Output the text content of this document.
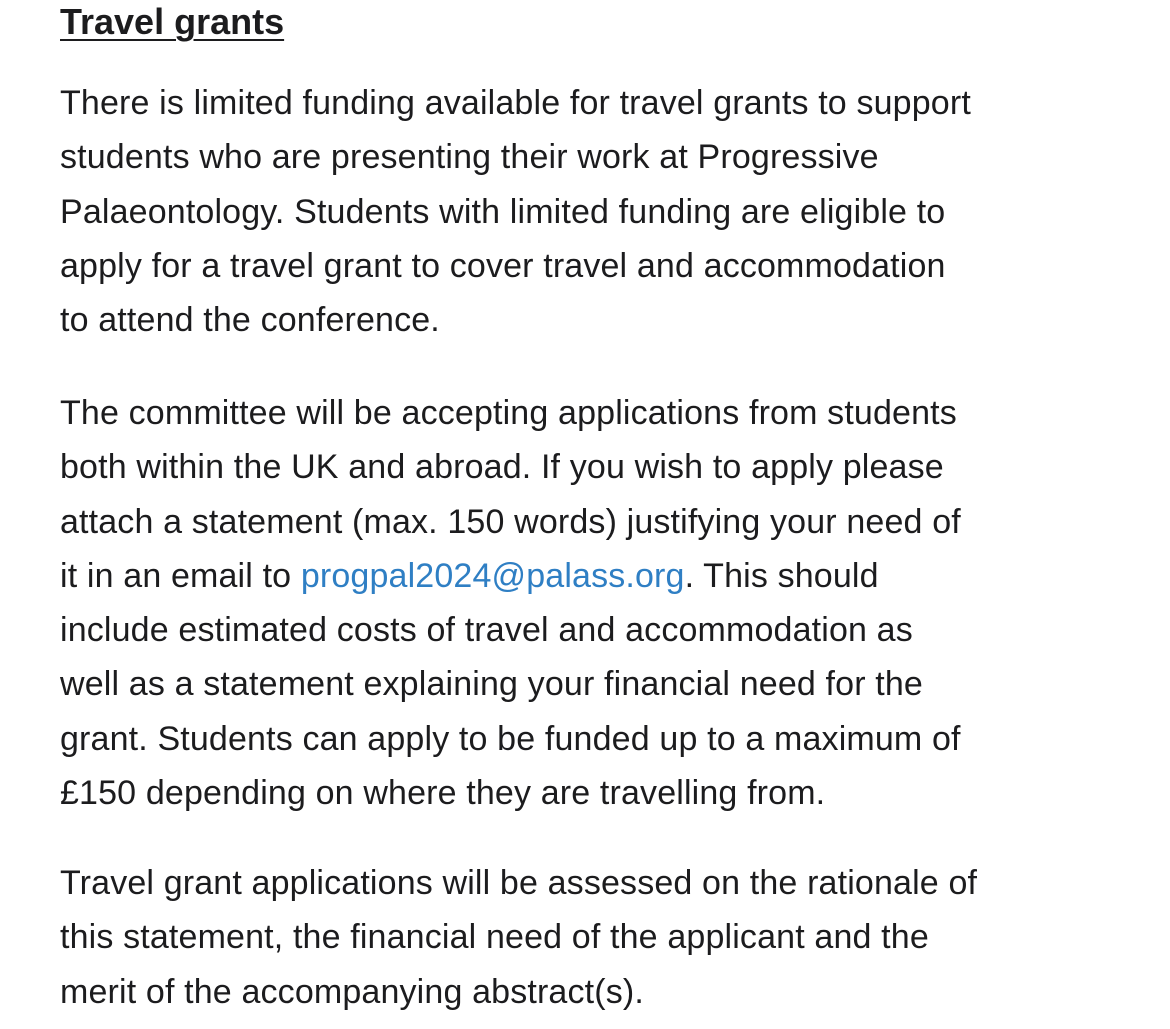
Travel grants

There is limited funding available for travel grants to support
students who are presenting their work at Progressive
Palaeontology. Students with limited funding are eligible to
apply for a travel grant to cover travel and accommodation
to attend the conference.

The committee will be accepting applications from students
both within the UK and abroad. If you wish to apply please
attach a statement (max. 150 words) justifying your need of
it in an email to progpal2024@palass.org. This should
include estimated costs of travel and accommodation as
well as a statement explaining your financial need for the
grant. Students can apply to be funded up to a maximum of
£150 depending on where they are travelling from.

Travel grant applications will be assessed on the rationale of
this statement, the financial need of the applicant and the
merit of the accompanying abstract(s).
